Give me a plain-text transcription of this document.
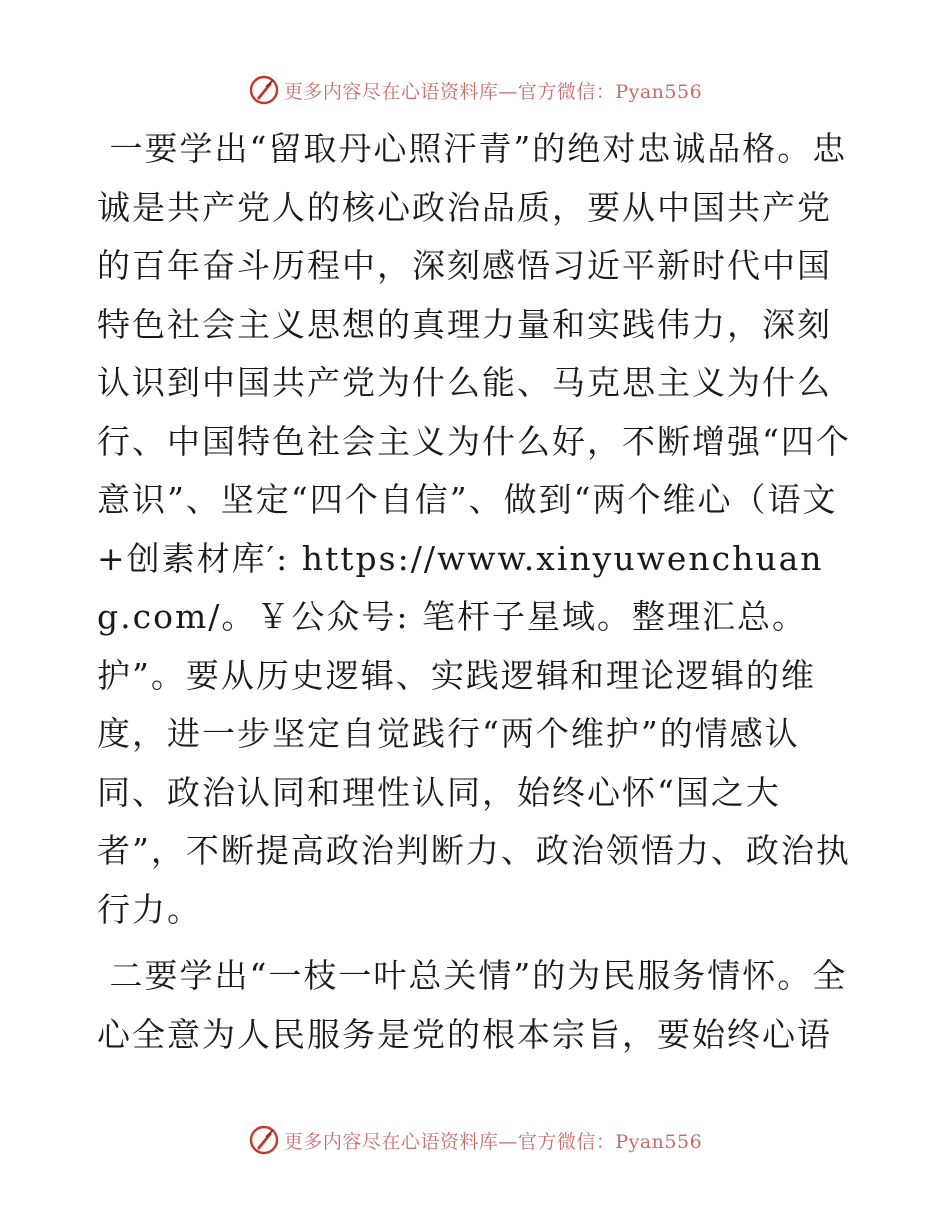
更多内容尽在心语资料库—官方微信：Pyan556

一要学出“留取丹心照汗青”的绝对忠诚品格。忠诚是共产党人的核心政治品质，要从中国共产党的百年奋斗历程中，深刻感悟习近平新时代中国特色社会主义思想的真理力量和实践伟力，深刻认识到中国共产党为什么能、马克思主义为什么行、中国特色社会主义为什么好，不断增强“四个意识”、坚定“四个自信”、做到“两个维心（语文+创素材库′: https://www.xinyuwenchuang.com/。￥公众号: 笔杆子星域。整理汇总。护”。要从历史逻辑、实践逻辑和理论逻辑的维度，进一步坚定自觉践行“两个维护”的情感认同、政治认同和理性认同，始终心怀“国之大者”，不断提高政治判断力、政治领悟力、政治执行力。

二要学出“一枝一叶总关情”的为民服务情怀。全心全意为人民服务是党的根本宗旨，要始终心语

更多内容尽在心语资料库—官方微信：Pyan556
